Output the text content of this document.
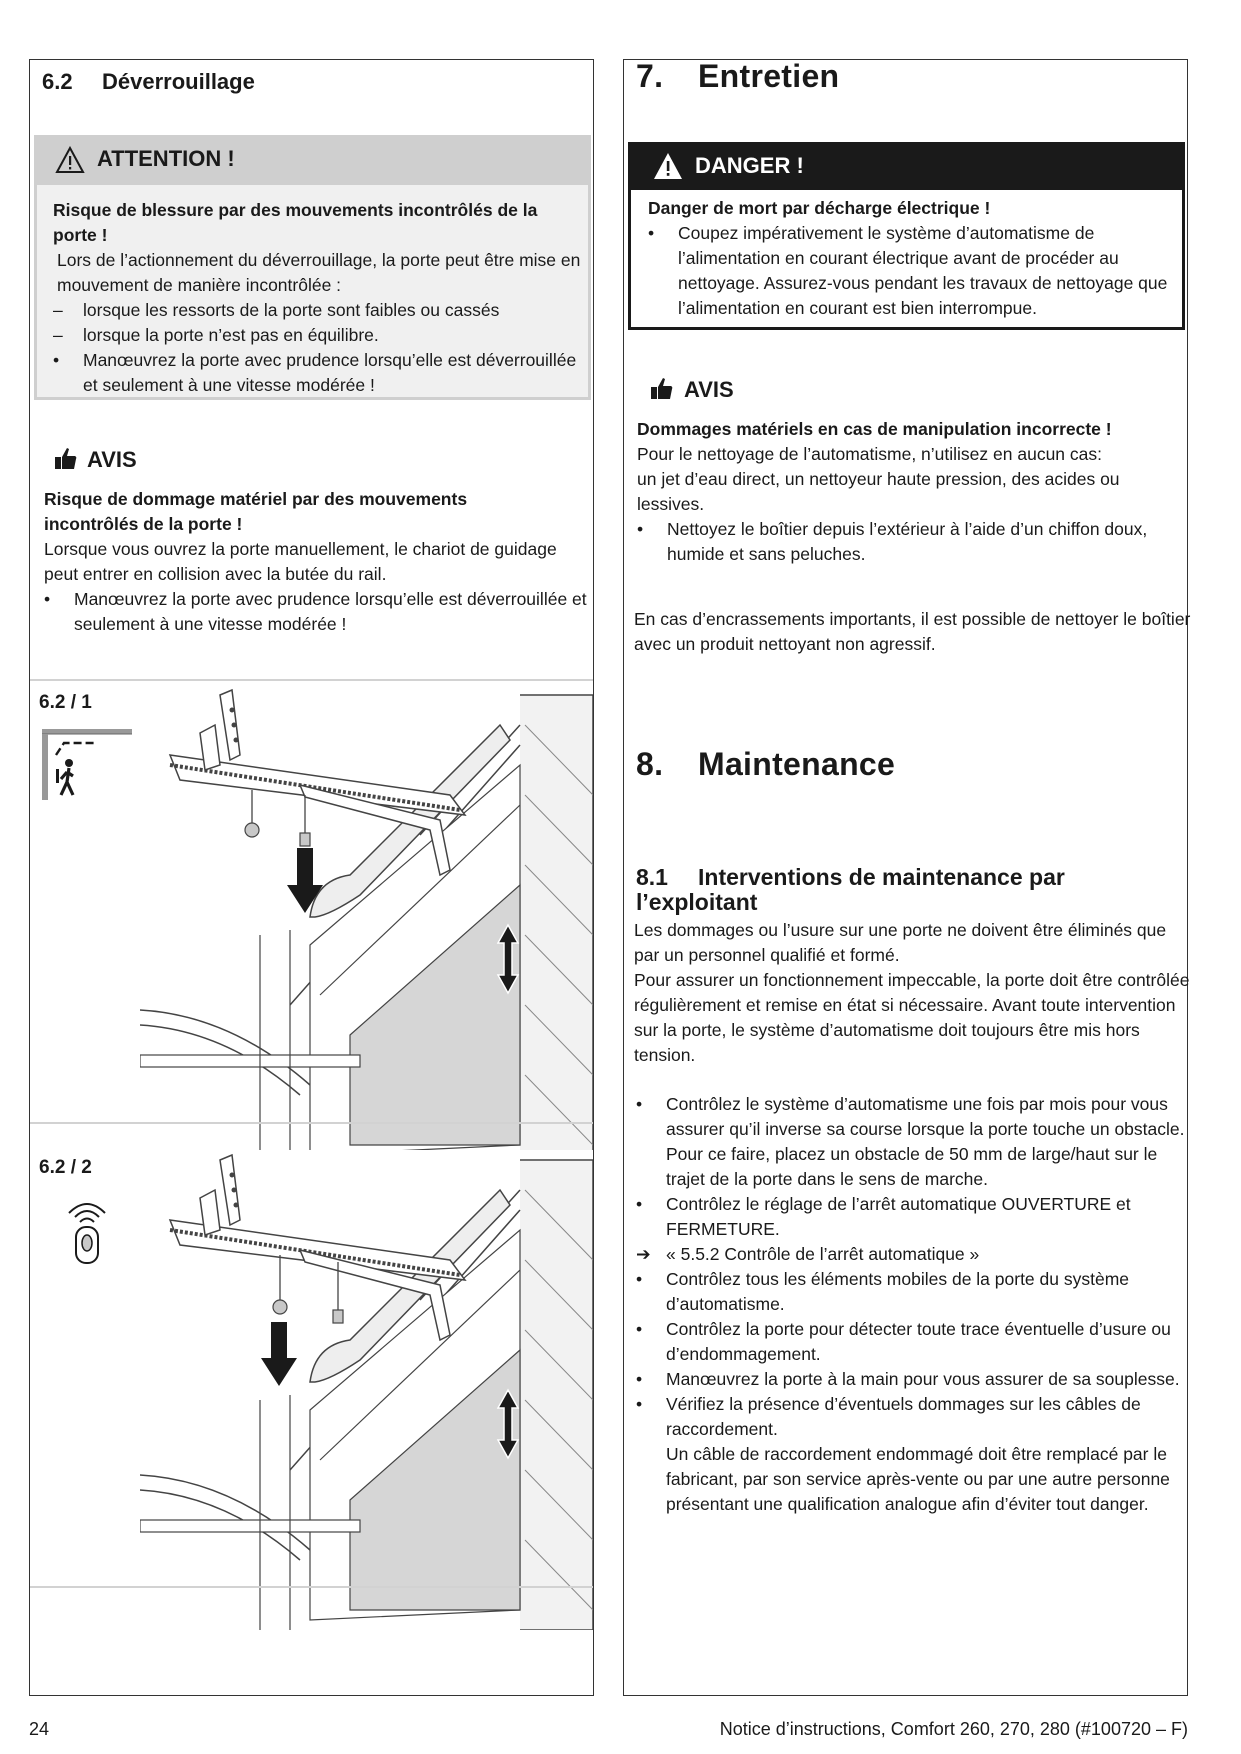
6.2 Déverrouillage
ATTENTION !
Risque de blessure par des mouvements incontrôlés de la
porte !
Lors de l’actionnement du déverrouillage, la porte peut être mise en
mouvement de manière incontrôlée :
– lorsque les ressorts de la porte sont faibles ou cassés
– lorsque la porte n’est pas en équilibre.
• Manœuvrez la porte avec prudence lorsqu’elle est déverrouillée
et seulement à une vitesse modérée !
AVIS
Risque de dommage matériel par des mouvements
incontrôlés de la porte !
Lorsque vous ouvrez la porte manuellement, le chariot de guidage
peut entrer en collision avec la butée du rail.
• Manœuvrez la porte avec prudence lorsqu’elle est déverrouillée et
seulement à une vitesse modérée !
6.2 / 1
6.2 / 2
7. Entretien
DANGER !
Danger de mort par décharge électrique !
• Coupez impérativement le système d’automatisme de
l’alimentation en courant électrique avant de procéder au
nettoyage. Assurez-vous pendant les travaux de nettoyage que
l’alimentation en courant est bien interrompue.
AVIS
Dommages matériels en cas de manipulation incorrecte !
Pour le nettoyage de l’automatisme, n’utilisez en aucun cas:
un jet d’eau direct, un nettoyeur haute pression, des acides ou
lessives.
• Nettoyez le boîtier depuis l’extérieur à l’aide d’un chiffon doux,
humide et sans peluches.
En cas d’encrassements importants, il est possible de nettoyer le boîtier
avec un produit nettoyant non agressif.
8. Maintenance
8.1 Interventions de maintenance par l’exploitant
Les dommages ou l’usure sur une porte ne doivent être éliminés que
par un personnel qualifié et formé.
Pour assurer un fonctionnement impeccable, la porte doit être contrôlée
régulièrement et remise en état si nécessaire. Avant toute intervention
sur la porte, le système d’automatisme doit toujours être mis hors
tension.
• Contrôlez le système d’automatisme une fois par mois pour vous
assurer qu’il inverse sa course lorsque la porte touche un obstacle.
Pour ce faire, placez un obstacle de 50 mm de large/haut sur le
trajet de la porte dans le sens de marche.
• Contrôlez le réglage de l’arrêt automatique OUVERTURE et
FERMETURE.
➔ « 5.5.2 Contrôle de l’arrêt automatique »
• Contrôlez tous les éléments mobiles de la porte du système
d’automatisme.
• Contrôlez la porte pour détecter toute trace éventuelle d’usure ou
d’endommagement.
• Manœuvrez la porte à la main pour vous assurer de sa souplesse.
• Vérifiez la présence d’éventuels dommages sur les câbles de
raccordement.
Un câble de raccordement endommagé doit être remplacé par le
fabricant, par son service après-vente ou par une autre personne
présentant une qualification analogue afin d’éviter tout danger.
24	Notice d’instructions, Comfort 260, 270, 280 (#100720 – F)
